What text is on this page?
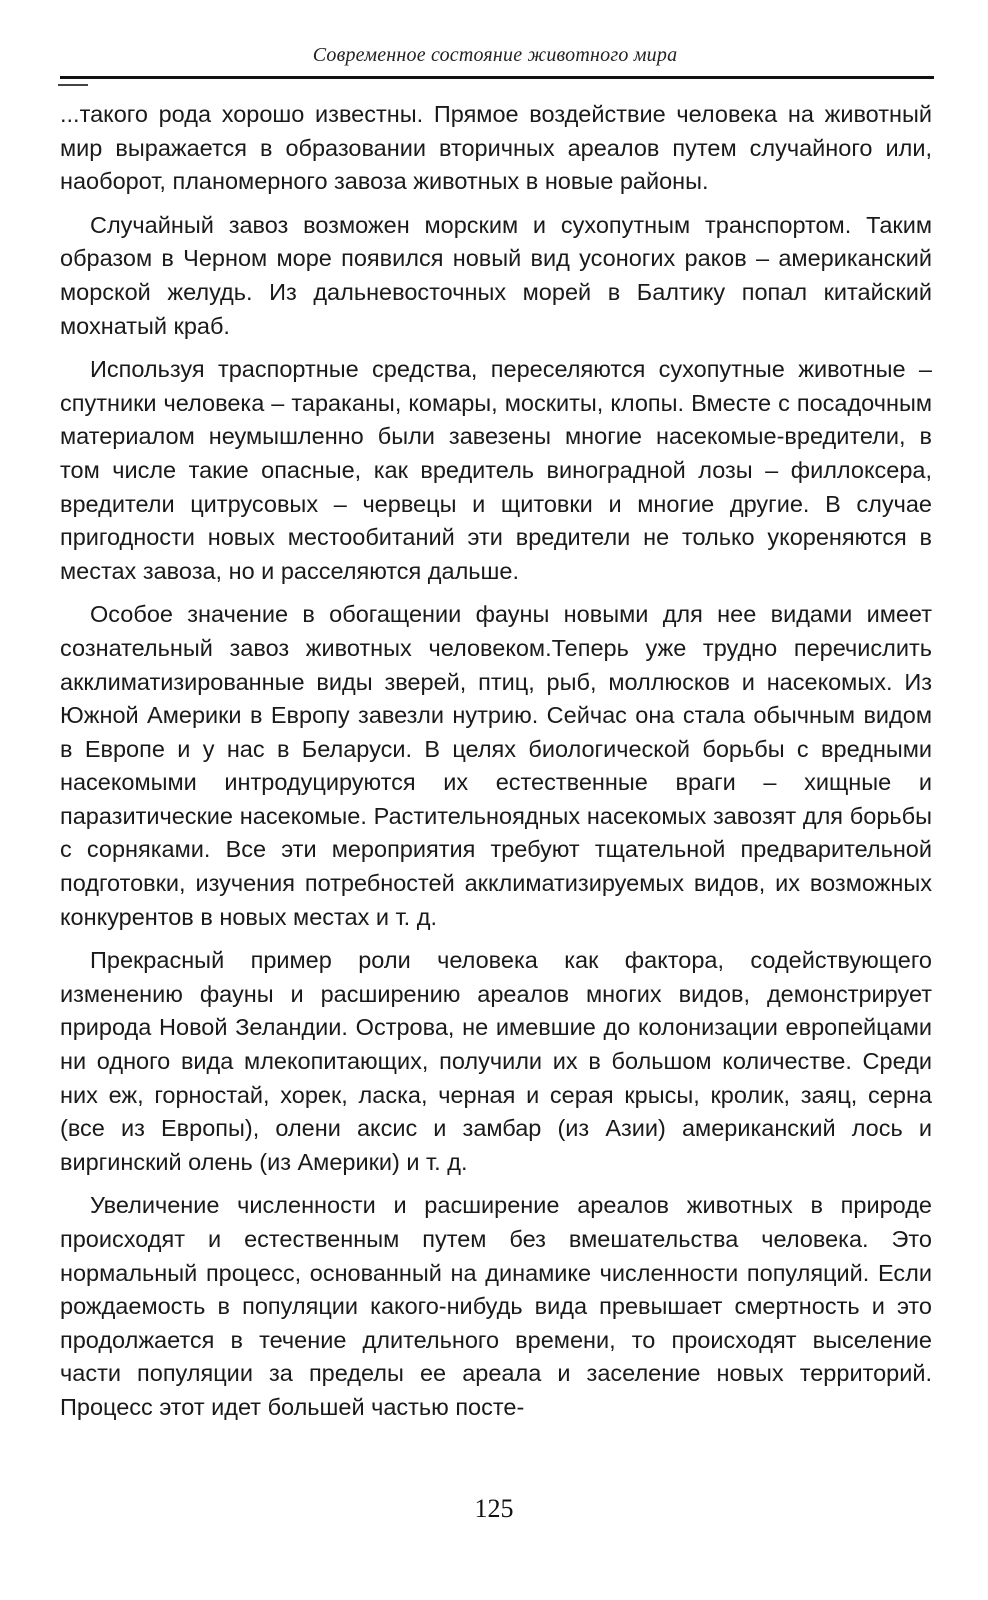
Современное состояние животного мира

...такого рода хорошо известны. Прямое воздействие человека на животный мир выражается в образовании вторичных ареалов путем случайного или, наоборот, планомерного завоза животных в новые районы.

Случайный завоз возможен морским и сухопутным транспортом. Таким образом в Черном море появился новый вид усоногих раков – американский морской желудь. Из дальневосточных морей в Балтику попал китайский мохнатый краб.

Используя траспортные средства, переселяются сухопутные животные – спутники человека – тараканы, комары, москиты, клопы. Вместе с посадочным материалом неумышленно были завезены многие насекомые-вредители, в том числе такие опасные, как вредитель виноградной лозы – филлоксера, вредители цитрусовых – червецы и щитовки и многие другие. В случае пригодности новых местообитаний эти вредители не только укореняются в местах завоза, но и расселяются дальше.

Особое значение в обогащении фауны новыми для нее видами имеет сознательный завоз животных человеком.Теперь уже трудно перечислить акклиматизированные виды зверей, птиц, рыб, моллюсков и насекомых. Из Южной Америки в Европу завезли нутрию. Сейчас она стала обычным видом в Европе и у нас в Беларуси. В целях биологической борьбы с вредными насекомыми интродуцируются их естественные враги – хищные и паразитические насекомые. Растительноядных насекомых завозят для борьбы с сорняками. Все эти мероприятия требуют тщательной предварительной подготовки, изучения потребностей акклиматизируемых видов, их возможных конкурентов в новых местах и т. д.

Прекрасный пример роли человека как фактора, содействующего изменению фауны и расширению ареалов многих видов, демонстрирует природа Новой Зеландии. Острова, не имевшие до колонизации европейцами ни одного вида млекопитающих, получили их в большом количестве. Среди них еж, горностай, хорек, ласка, черная и серая крысы, кролик, заяц, серна (все из Европы), олени аксис и замбар (из Азии) американский лось и виргинский олень (из Америки) и т. д.

Увеличение численности и расширение ареалов животных в природе происходят и естественным путем без вмешательства человека. Это нормальный процесс, основанный на динамике численности популяций. Если рождаемость в популяции какого-нибудь вида превышает смертность и это продолжается в течение длительного времени, то происходят выселение части популяции за пределы ее ареала и заселение новых территорий. Процесс этот идет большей частью посте-

125
